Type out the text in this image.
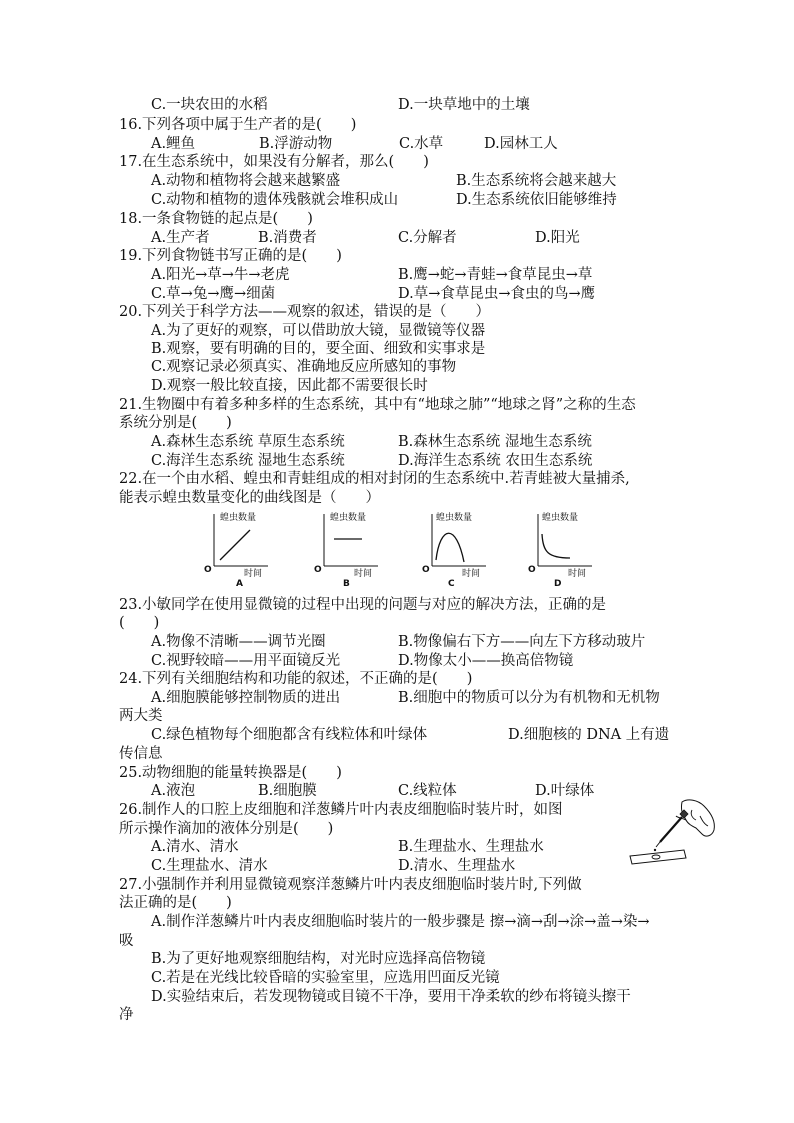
C.一块农田的水稻	D.一块草地中的土壤
16.下列各项中属于生产者的是(　　)
A.鲤鱼	B.浮游动物	C.水草	D.园林工人
17.在生态系统中，如果没有分解者，那么(　　)
A.动物和植物将会越来越繁盛	B.生态系统将会越来越大
C.动物和植物的遗体残骸就会堆积成山	D.生态系统依旧能够维持
18.一条食物链的起点是(　　)
A.生产者	B.消费者	C.分解者	D.阳光
19.下列食物链书写正确的是(　　)
A.阳光→草→牛→老虎	B.鹰→蛇→青蛙→食草昆虫→草
C.草→兔→鹰→细菌	D.草→食草昆虫→食虫的鸟→鹰
20.下列关于科学方法——观察的叙述，错误的是（　　）
A.为了更好的观察，可以借助放大镜，显微镜等仪器
B.观察，要有明确的目的，要全面、细致和实事求是
C.观察记录必须真实、准确地反应所感知的事物
D.观察一般比较直接，因此都不需要很长时
21.生物圈中有着多种多样的生态系统，其中有“地球之肺”“地球之肾”之称的生态
系统分别是(　　)
A.森林生态系统 草原生态系统	B.森林生态系统 湿地生态系统
C.海洋生态系统 湿地生态系统	D.海洋生态系统 农田生态系统
22.在一个由水稻、蝗虫和青蛙组成的相对封闭的生态系统中.若青蛙被大量捕杀,
能表示蝗虫数量变化的曲线图是（　　）
蝗虫数量
时间
O
A
蝗虫数量
时间
O
B
蝗虫数量
时间
O
C
蝗虫数量
时间
O
D
23.小敏同学在使用显微镜的过程中出现的问题与对应的解决方法，正确的是
(　　)
A.物像不清晰——调节光圈	B.物像偏右下方——向左下方移动玻片
C.视野较暗——用平面镜反光	D.物像太小——换高倍物镜
24.下列有关细胞结构和功能的叙述，不正确的是(　　)
A.细胞膜能够控制物质的进出	B.细胞中的物质可以分为有机物和无机物
两大类
C.绿色植物每个细胞都含有线粒体和叶绿体	D.细胞核的 DNA 上有遗
传信息
25.动物细胞的能量转换器是(　　)
A.液泡	B.细胞膜	C.线粒体	D.叶绿体
26.制作人的口腔上皮细胞和洋葱鳞片叶内表皮细胞临时装片时，如图
所示操作滴加的液体分别是(　　)
A.清水、清水	B.生理盐水、生理盐水
C.生理盐水、清水	D.清水、生理盐水
27.小强制作并利用显微镜观察洋葱鳞片叶内表皮细胞临时装片时,下列做
法正确的是(　　)
A.制作洋葱鳞片叶内表皮细胞临时装片的一般步骤是 擦→滴→刮→涂→盖→染→
吸
B.为了更好地观察细胞结构，对光时应选择高倍物镜
C.若是在光线比较昏暗的实验室里，应选用凹面反光镜
D.实验结束后，若发现物镜或目镜不干净，要用干净柔软的纱布将镜头擦干
净
